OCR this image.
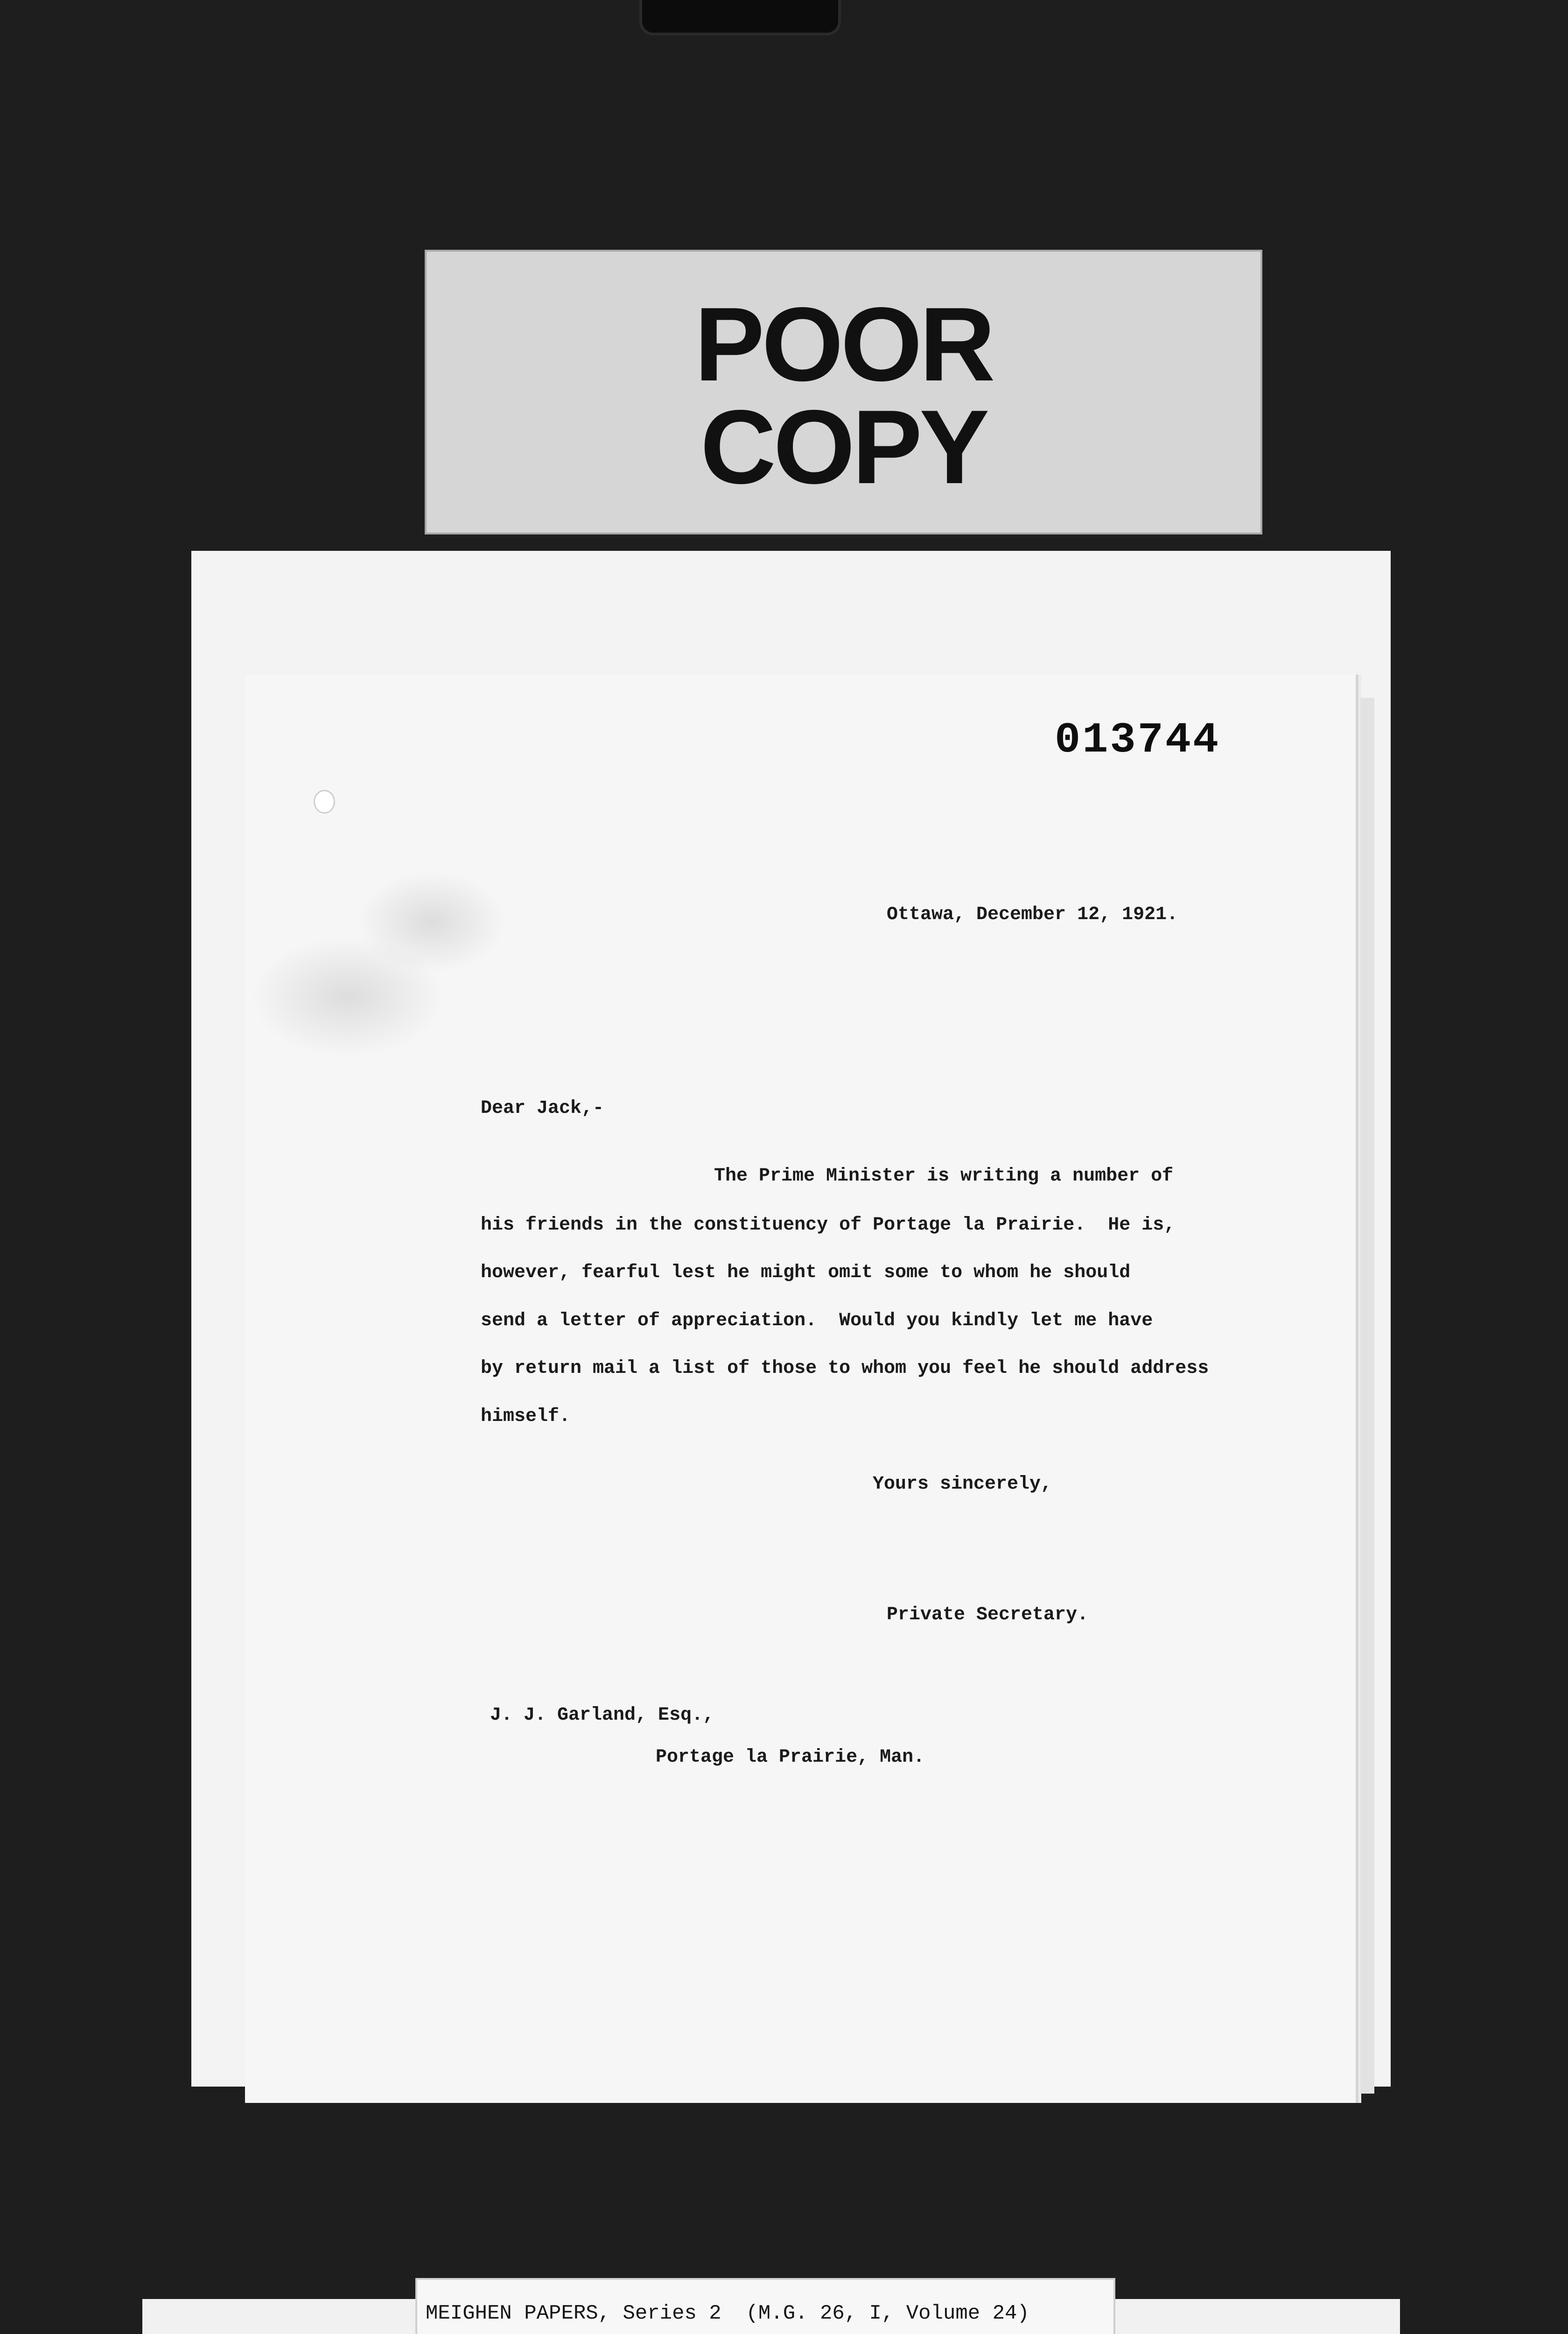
POOR
COPY
013744
Ottawa, December 12, 1921.
Dear Jack,-
The Prime Minister is writing a number of
his friends in the constituency of Portage la Prairie.  He is,
however, fearful lest he might omit some to whom he should
send a letter of appreciation.  Would you kindly let me have
by return mail a list of those to whom you feel he should address
himself.
Yours sincerely,
Private Secretary.
J. J. Garland, Esq.,
Portage la Prairie, Man.
MEIGHEN PAPERS, Series 2  (M.G. 26, I, Volume 24)
